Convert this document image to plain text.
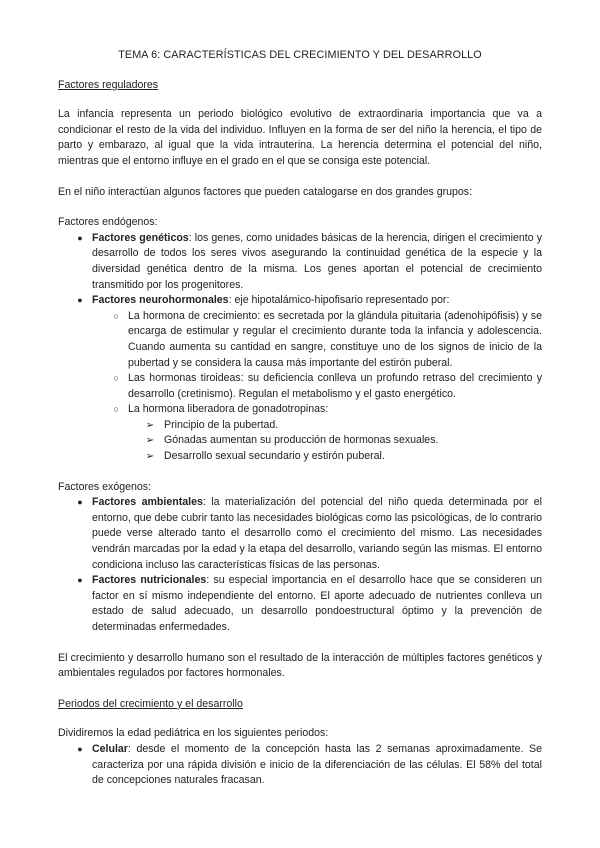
TEMA 6: CARACTERÍSTICAS DEL CRECIMIENTO Y DEL DESARROLLO
Factores reguladores

La infancia representa un periodo biológico evolutivo de extraordinaria importancia que va a condicionar el resto de la vida del individuo. Influyen en la forma de ser del niño la herencia, el tipo de parto y embarazo, al igual que la vida intrauterina. La herencia determina el potencial del niño, mientras que el entorno influye en el grado en el que se consiga este potencial.

En el niño interactúan algunos factores que pueden catalogarse en dos grandes grupos:

Factores endógenos:

● Factores genéticos: los genes, como unidades básicas de la herencia, dirigen el crecimiento y desarrollo de todos los seres vivos asegurando la continuidad genética de la especie y la diversidad genética dentro de la misma. Los genes aportan el potencial de crecimiento transmitido por los progenitores.
● Factores neurohormonales: eje hipotalámico-hipofisario representado por:
○ La hormona de crecimiento: es secretada por la glándula pituitaria (adenohipófisis) y se encarga de estimular y regular el crecimiento durante toda la infancia y adolescencia. Cuando aumenta su cantidad en sangre, constituye uno de los signos de inicio de la pubertad y se considera la causa más importante del estirón puberal.
○ Las hormonas tiroideas: su deficiencia conlleva un profundo retraso del crecimiento y desarrollo (cretinismo). Regulan el metabolismo y el gasto energético.
○ La hormona liberadora de gonadotropinas:
➢ Principio de la pubertad.
➢ Gónadas aumentan su producción de hormonas sexuales.
➢ Desarrollo sexual secundario y estirón puberal.

Factores exógenos:

● Factores ambientales: la materialización del potencial del niño queda determinada por el entorno, que debe cubrir tanto las necesidades biológicas como las psicológicas, de lo contrario puede verse alterado tanto el desarrollo como el crecimiento del mismo. Las necesidades vendrán marcadas por la edad y la etapa del desarrollo, variando según las mismas. El entorno condiciona incluso las características físicas de las personas.
● Factores nutricionales: su especial importancia en el desarrollo hace que se consideren un factor en sí mismo independiente del entorno. El aporte adecuado de nutrientes conlleva un estado de salud adecuado, un desarrollo pondoestructural óptimo y la prevención de determinadas enfermedades.

El crecimiento y desarrollo humano son el resultado de la interacción de múltiples factores genéticos y ambientales regulados por factores hormonales.

Periodos del crecimiento y el desarrollo

Dividiremos la edad pediátrica en los siguientes periodos:

● Celular: desde el momento de la concepción hasta las 2 semanas aproximadamente. Se caracteriza por una rápida división e inicio de la diferenciación de las células. El 58% del total de concepciones naturales fracasan.
